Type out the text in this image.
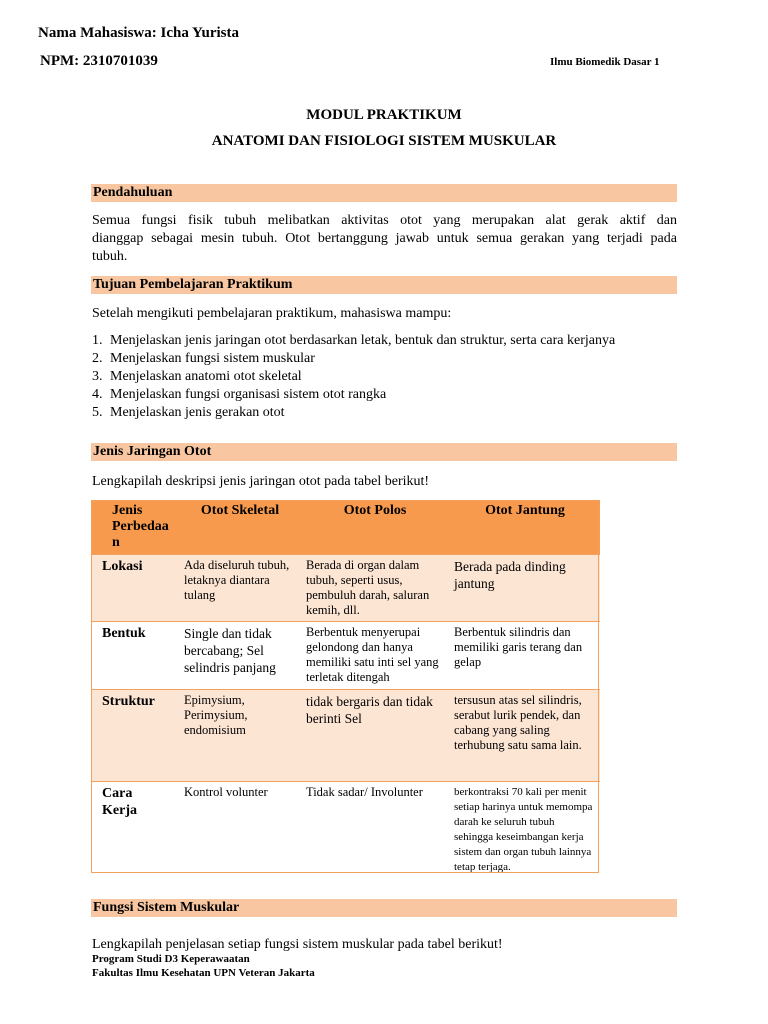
Nama Mahasiswa: Icha Yurista
NPM: 2310701039	Ilmu Biomedik Dasar 1
MODUL PRAKTIKUM
ANATOMI DAN FISIOLOGI SISTEM MUSKULAR
Pendahuluan
Semua fungsi fisik tubuh melibatkan aktivitas otot yang merupakan alat gerak aktif dan
dianggap sebagai mesin tubuh. Otot bertanggung jawab untuk semua gerakan yang terjadi pada
tubuh.
Tujuan Pembelajaran Praktikum
Setelah mengikuti pembelajaran praktikum, mahasiswa mampu:
1. Menjelaskan jenis jaringan otot berdasarkan letak, bentuk dan struktur, serta cara kerjanya
2. Menjelaskan fungsi sistem muskular
3. Menjelaskan anatomi otot skeletal
4. Menjelaskan fungsi organisasi sistem otot rangka
5. Menjelaskan jenis gerakan otot
Jenis Jaringan Otot
Lengkapilah deskripsi jenis jaringan otot pada tabel berikut!
Jenis
Perbedaa
n	Otot Skeletal	Otot Polos	Otot Jantung
Lokasi	Ada diseluruh tubuh, letaknya diantara tulang	Berada di organ dalam tubuh, seperti usus, pembuluh darah, saluran kemih, dll.	Berada pada dinding jantung
Bentuk	Single dan tidak bercabang; Sel selindris panjang	Berbentuk menyerupai gelondong dan hanya memiliki satu inti sel yang terletak ditengah	Berbentuk silindris dan memiliki garis terang dan gelap
Struktur	Epimysium, Perimysium, endomisium	tidak bergaris dan tidak berinti Sel	tersusun atas sel silindris, serabut lurik pendek, dan cabang yang saling terhubung satu sama lain.

Cara
Kerja	Kontrol volunter	Tidak sadar/ Involunter	berkontraksi 70 kali per menit setiap harinya untuk memompa darah ke seluruh tubuh sehingga keseimbangan kerja sistem dan organ tubuh lainnya tetap terjaga.
Fungsi Sistem Muskular
Lengkapilah penjelasan setiap fungsi sistem muskular pada tabel berikut!
Program Studi D3 Keperawaatan
Fakultas Ilmu Kesehatan UPN Veteran Jakarta
